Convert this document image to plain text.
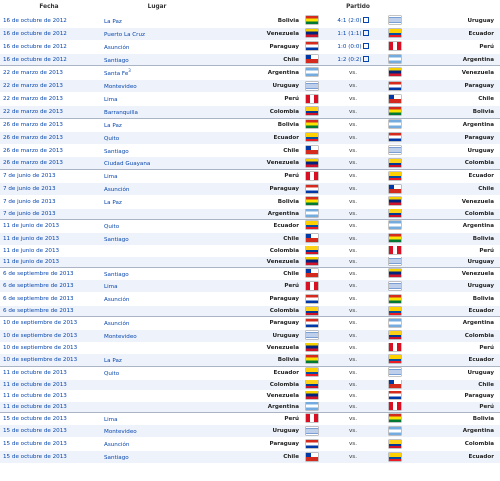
Fecha	Lugar	Partido				
16 de octubre de 2012	La Paz	Bolivia		4:1 (2:0)		Uruguay
16 de octubre de 2012	Puerto La Cruz	Venezuela		1:1 (1:1)		Ecuador
16 de octubre de 2012	Asunción	Paraguay		1:0 (0:0)		Perú
16 de octubre de 2012	Santiago	Chile		1:2 (0:2)		Argentina
22 de marzo de 2013	Santa Fe$^3$	Argentina		vs.		Venezuela
22 de marzo de 2013	Montevideo	Uruguay		vs.		Paraguay
22 de marzo de 2013	Lima	Perú		vs.		Chile
22 de marzo de 2013	Barranquilla	Colombia		vs.		Bolivia
26 de marzo de 2013	La Paz	Bolivia		vs.		Argentina
26 de marzo de 2013	Quito	Ecuador		vs.		Paraguay
26 de marzo de 2013	Santiago	Chile		vs.		Uruguay
26 de marzo de 2013	Ciudad Guayana	Venezuela		vs.		Colombia
7 de junio de 2013	Lima	Perú		vs.		Ecuador
7 de junio de 2013	Asunción	Paraguay		vs.		Chile
7 de junio de 2013	La Paz	Bolivia		vs.		Venezuela
7 de junio de 2013		Argentina		vs.		Colombia
11 de junio de 2013	Quito	Ecuador		vs.		Argentina
11 de junio de 2013	Santiago	Chile		vs.		Bolivia
11 de junio de 2013		Colombia		vs.		Perú
11 de junio de 2013		Venezuela		vs.		Uruguay
6 de septiembre de 2013	Santiago	Chile		vs.		Venezuela
6 de septiembre de 2013	Lima	Perú		vs.		Uruguay
6 de septiembre de 2013	Asunción	Paraguay		vs.		Bolivia
6 de septiembre de 2013		Colombia		vs.		Ecuador
10 de septiembre de 2013	Asunción	Paraguay		vs.		Argentina
10 de septiembre de 2013	Montevideo	Uruguay		vs.		Colombia
10 de septiembre de 2013		Venezuela		vs.		Perú
10 de septiembre de 2013	La Paz	Bolivia		vs.		Ecuador
11 de octubre de 2013	Quito	Ecuador		vs.		Uruguay
11 de octubre de 2013		Colombia		vs.		Chile
11 de octubre de 2013		Venezuela		vs.		Paraguay
11 de octubre de 2013		Argentina		vs.		Perú
15 de octubre de 2013	Lima	Perú		vs.		Bolivia
15 de octubre de 2013	Montevideo	Uruguay		vs.		Argentina
15 de octubre de 2013	Asunción	Paraguay		vs.		Colombia
15 de octubre de 2013	Santiago	Chile		vs.		Ecuador
